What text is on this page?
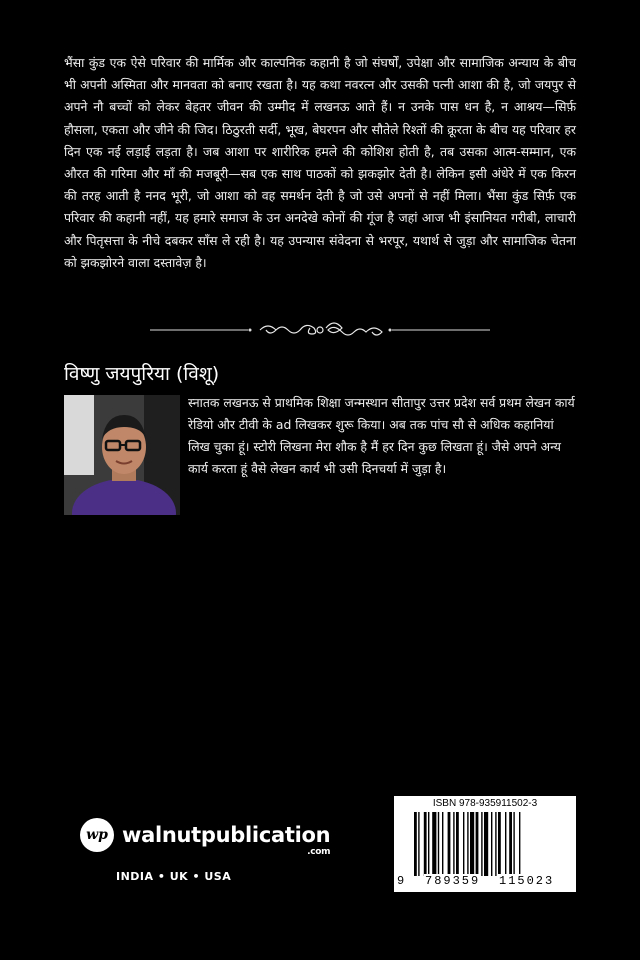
भैंसा कुंड एक ऐसे परिवार की मार्मिक और काल्पनिक कहानी है जो संघर्षों, उपेक्षा और सामाजिक अन्याय के बीच भी अपनी अस्मिता और मानवता को बनाए रखता है। यह कथा नवरत्न और उसकी पत्नी आशा की है, जो जयपुर से अपने नौ बच्चों को लेकर बेहतर जीवन की उम्मीद में लखनऊ आते हैं। न उनके पास धन है, न आश्रय—सिर्फ़ हौसला, एकता और जीने की जिद। ठिठुरती सर्दी, भूख, बेघरपन और सौतेले रिश्तों की क्रूरता के बीच यह परिवार हर दिन एक नई लड़ाई लड़ता है। जब आशा पर शारीरिक हमले की कोशिश होती है, तब उसका आत्म-सम्मान, एक औरत की गरिमा और माँ की मजबूरी—सब एक साथ पाठकों को झकझोर देती है। लेकिन इसी अंधेरे में एक किरन की तरह आती है ननद भूरी, जो आशा को वह समर्थन देती है जो उसे अपनों से नहीं मिला। भैंसा कुंड सिर्फ़ एक परिवार की कहानी नहीं, यह हमारे समाज के उन अनदेखे कोनों की गूंज है जहां आज भी इंसानियत गरीबी, लाचारी और पितृसत्ता के नीचे दबकर साँस ले रही है। यह उपन्यास संवेदना से भरपूर, यथार्थ से जुड़ा और सामाजिक चेतना को झकझोरने वाला दस्तावेज़ है।

विष्णु जयपुरिया (विशू)

स्नातक लखनऊ से प्राथमिक शिक्षा जन्मस्थान सीतापुर उत्तर प्रदेश सर्व प्रथम लेखन कार्य रेडियो और टीवी के ad लिखकर शुरू किया। अब तक पांच सौ से अधिक कहानियां लिख चुका हूं। स्टोरी लिखना मेरा शौक है मैं हर दिन कुछ लिखता हूं। जैसे अपने अन्य कार्य करता हूं वैसे लेखन कार्य भी उसी दिनचर्या में जुड़ा है।

wp walnutpublication
.com
INDIA • UK • USA
ISBN 978-935911502-3
9 789359 115023
